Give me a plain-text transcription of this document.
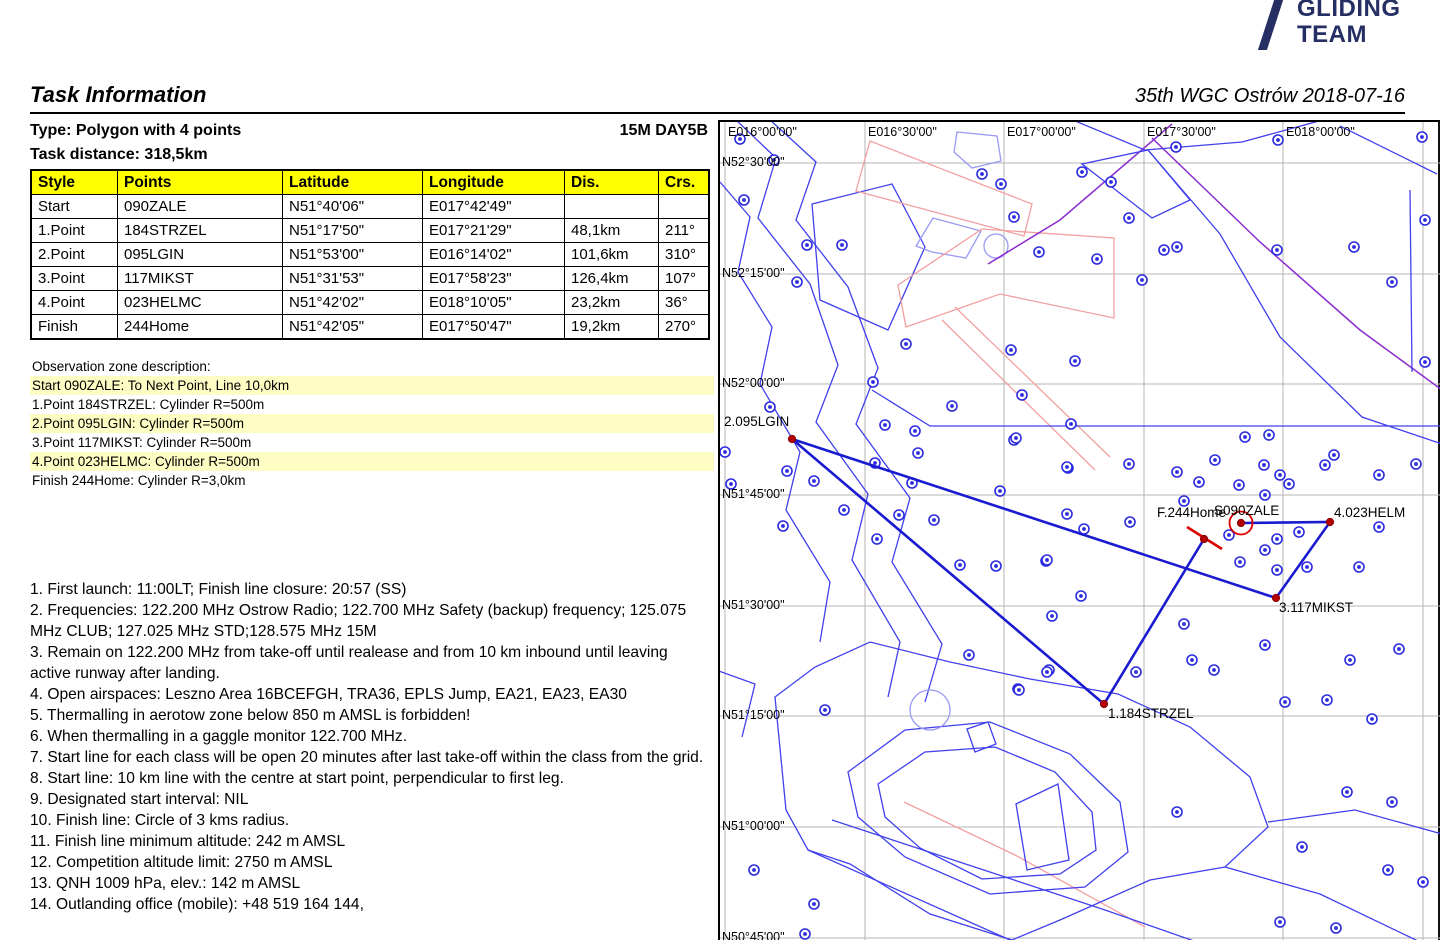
GLIDING
TEAM
Task Information	35th WGC Ostrów 2018-07-16
15M DAY5B
Type: Polygon with 4 points
Task distance: 318,5km
Style	Points	Latitude	Longitude	Dis.	Crs.
Start	090ZALE	N51°40'06"	E017°42'49"		
1.Point	184STRZEL	N51°17'50"	E017°21'29"	48,1km	211°
2.Point	095LGIN	N51°53'00"	E016°14'02"	101,6km	310°
3.Point	117MIKST	N51°31'53"	E017°58'23"	126,4km	107°
4.Point	023HELMC	N51°42'02"	E018°10'05"	23,2km	36°
Finish	244Home	N51°42'05"	E017°50'47"	19,2km	270°
Observation zone description:
Start 090ZALE: To Next Point, Line 10,0km
1.Point 184STRZEL: Cylinder R=500m
2.Point 095LGIN: Cylinder R=500m
3.Point 117MIKST: Cylinder R=500m
4.Point 023HELMC: Cylinder R=500m
Finish 244Home: Cylinder R=3,0km
1. First launch: 11:00LT; Finish line closure: 20:57 (SS)
2. Frequencies: 122.200 MHz Ostrow Radio; 122.700 MHz Safety (backup) frequency; 125.075 MHz CLUB; 127.025 MHz STD;128.575 MHz 15M
3. Remain on 122.200 MHz from take-off until realease and from 10 km inbound until leaving active runway after landing.
4. Open airspaces: Leszno Area 16BCEFGH, TRA36, EPLS Jump, EA21, EA23, EA30
5. Thermalling in aerotow zone below 850 m AMSL is forbidden!
6. When thermalling in a gaggle monitor 122.700 MHz.
7. Start line for each class will be open 20 minutes after last take-off within the class from the grid.
8. Start line: 10 km line with the centre at start point, perpendicular to first leg.
9. Designated start interval: NIL
10. Finish line: Circle of 3 kms radius.
11. Finish line minimum altitude: 242 m AMSL
12. Competition altitude limit: 2750 m AMSL
13. QNH 1009 hPa, elev.: 142 m AMSL
14. Outlanding office (mobile): +48 519 164 144,
E016°00'00"	E016°30'00"	E017°00'00"	E017°30'00"	E018°00'00"
N52°30'00"
N52°15'00"
N52°00'00"
N51°45'00"
N51°30'00"
N51°15'00"
N51°00'00"
N50°45'00"
2.095LGIN
1.184STRZEL
3.117MIKST
4.023HELM
F.244Home
S090ZALE
